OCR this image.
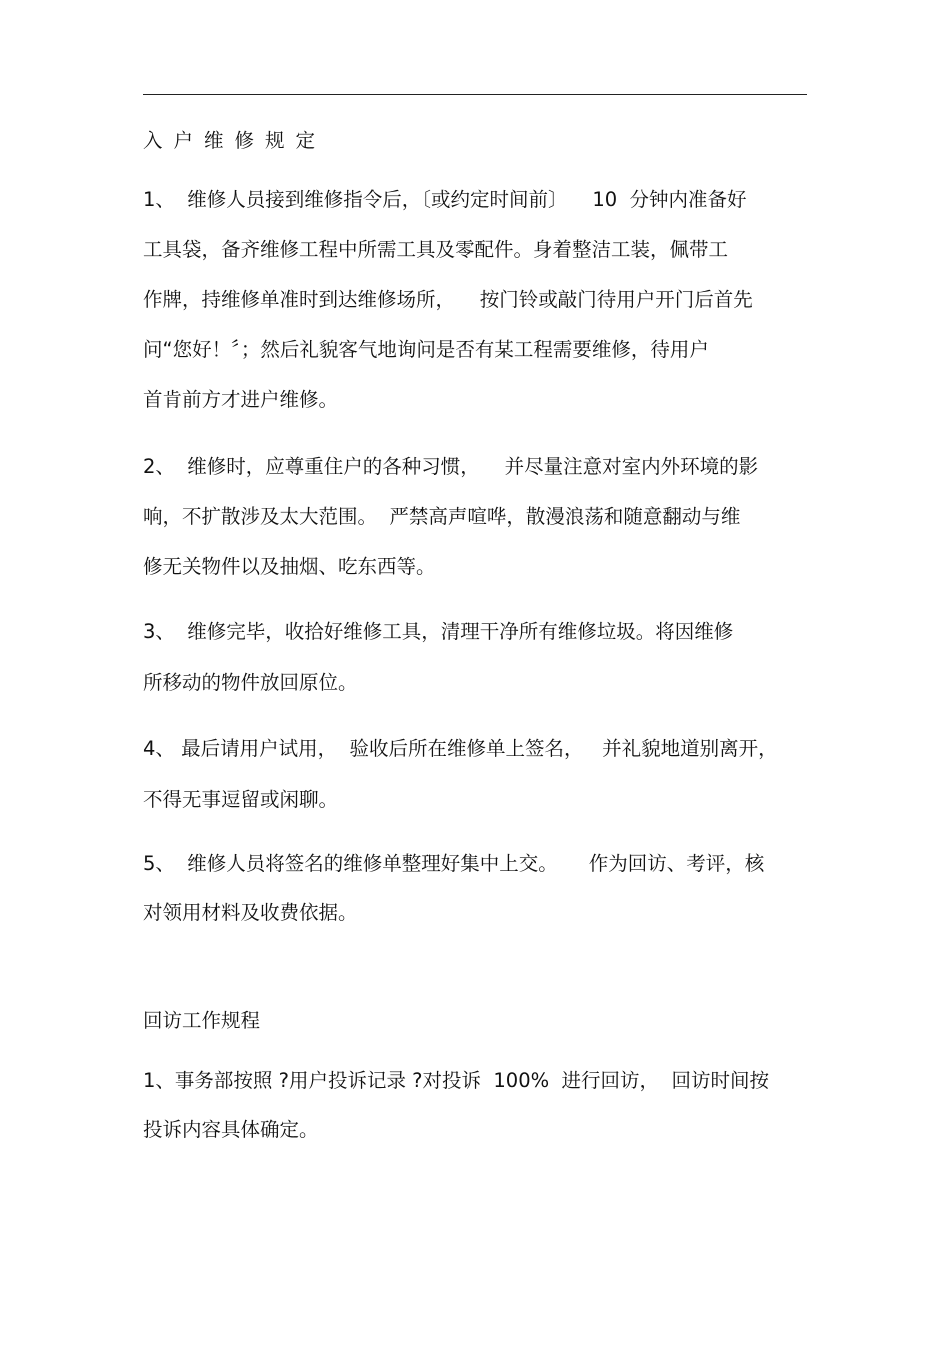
入户维修规定
1、  维修人员接到维修指令后，〔或约定时间前〕    10  分钟内准备好
工具袋，备齐维修工程中所需工具及零配件。身着整洁工装，佩带工
作牌，持维修单准时到达维修场所，    按门铃或敲门待用户开门后首先
问“您好！〞；然后礼貌客气地询问是否有某工程需要维修，待用户
首肯前方才进户维修。
2、  维修时，应尊重住户的各种习惯，    并尽量注意对室内外环境的影
响，不扩散涉及太大范围。  严禁高声喧哗，散漫浪荡和随意翻动与维
修无关物件以及抽烟、吃东西等。
3、  维修完毕，收拾好维修工具，清理干净所有维修垃圾。将因维修
所移动的物件放回原位。
4、 最后请用户试用，  验收后所在维修单上签名，   并礼貌地道别离开，
不得无事逗留或闲聊。
5、  维修人员将签名的维修单整理好集中上交。     作为回访、考评，核
对领用材料及收费依据。
回访工作规程
1、事务部按照 ?用户投诉记录 ?对投诉  100%  进行回访，  回访时间按
投诉内容具体确定。
